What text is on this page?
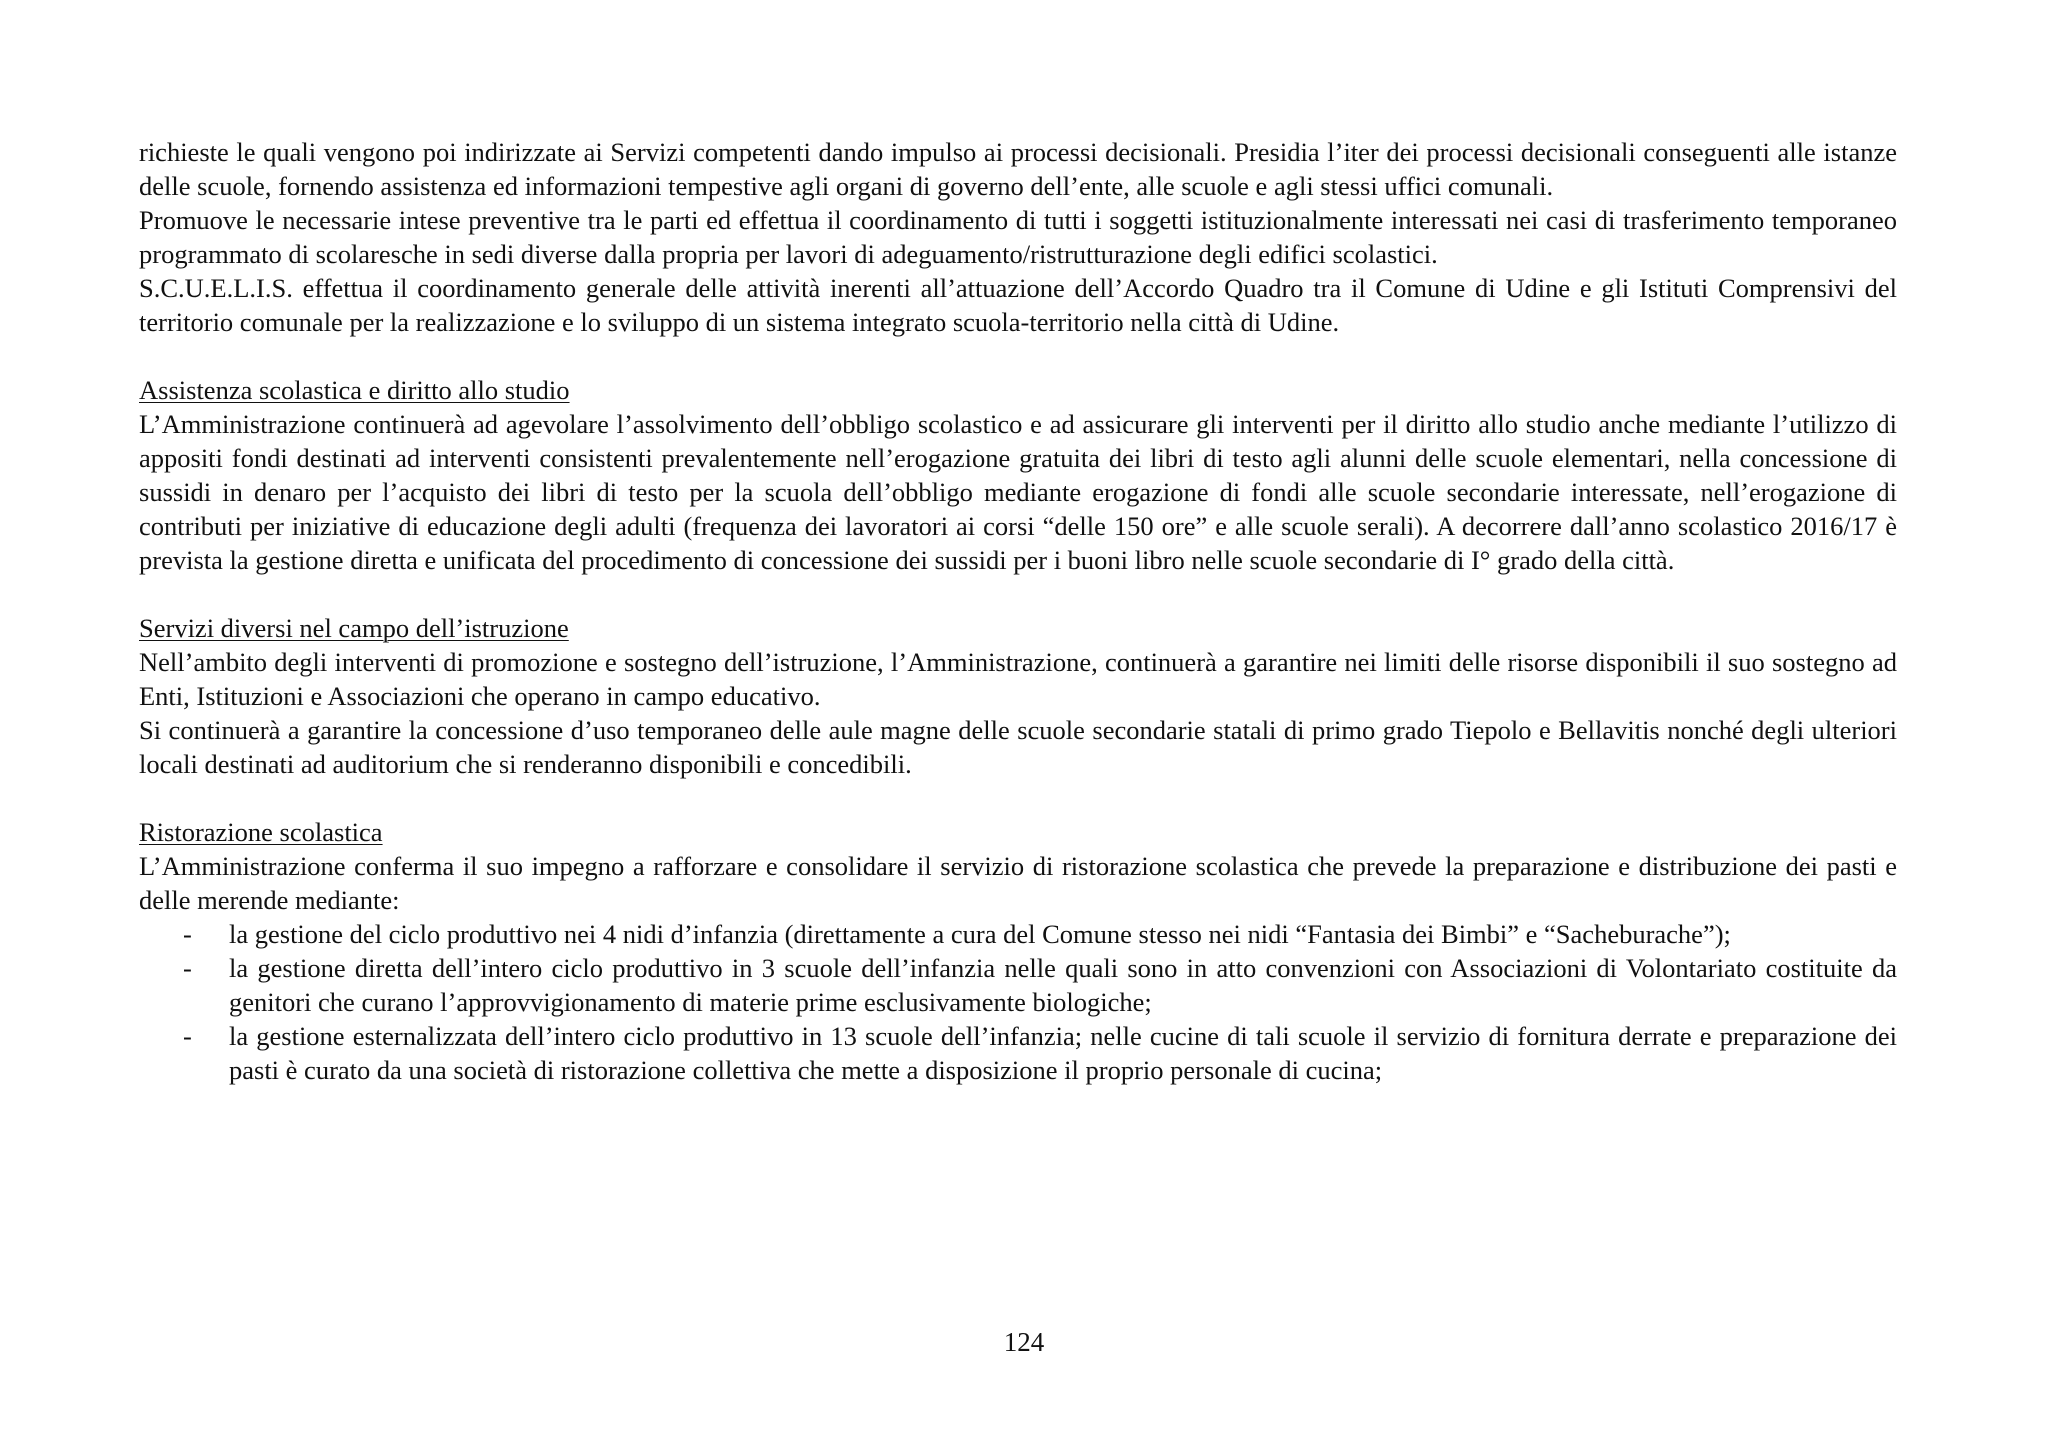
richieste le quali vengono poi indirizzate ai Servizi competenti dando impulso ai processi decisionali. Presidia l’iter dei processi decisionali conseguenti alle istanze delle scuole, fornendo assistenza ed informazioni tempestive agli organi di governo dell’ente, alle scuole e agli stessi uffici comunali.

Promuove le necessarie intese preventive tra le parti ed effettua il coordinamento di tutti i soggetti istituzionalmente interessati nei casi di trasferimento temporaneo programmato di scolaresche in sedi diverse dalla propria per lavori di adeguamento/ristrutturazione degli edifici scolastici.

S.C.U.E.L.I.S. effettua il coordinamento generale delle attività inerenti all’attuazione dell’Accordo Quadro tra il Comune di Udine e gli Istituti Comprensivi del territorio comunale per la realizzazione e lo sviluppo di un sistema integrato scuola-territorio nella città di Udine.

Assistenza scolastica e diritto allo studio

L’Amministrazione continuerà ad agevolare l’assolvimento dell’obbligo scolastico e ad assicurare gli interventi per il diritto allo studio anche mediante l’utilizzo di appositi fondi destinati ad interventi consistenti prevalentemente nell’erogazione gratuita dei libri di testo agli alunni delle scuole elementari, nella concessione di sussidi in denaro per l’acquisto dei libri di testo per la scuola dell’obbligo mediante erogazione di fondi alle scuole secondarie interessate, nell’erogazione di contributi per iniziative di educazione degli adulti (frequenza dei lavoratori ai corsi “delle 150 ore” e alle scuole serali). A decorrere dall’anno scolastico 2016/17 è prevista la gestione diretta e unificata del procedimento di concessione dei sussidi per i buoni libro nelle scuole secondarie di I° grado della città.

Servizi diversi nel campo dell’istruzione

Nell’ambito degli interventi di promozione e sostegno dell’istruzione, l’Amministrazione, continuerà a garantire nei limiti delle risorse disponibili il suo sostegno ad Enti, Istituzioni e Associazioni che operano in campo educativo.

Si continuerà a garantire la concessione d’uso temporaneo delle aule magne delle scuole secondarie statali di primo grado Tiepolo e Bellavitis nonché degli ulteriori locali destinati ad auditorium che si renderanno disponibili e concedibili.

Ristorazione scolastica

L’Amministrazione conferma il suo impegno a rafforzare e consolidare il servizio di ristorazione scolastica che prevede la preparazione e distribuzione dei pasti e delle merende mediante:

- la gestione del ciclo produttivo nei 4 nidi d’infanzia (direttamente a cura del Comune stesso nei nidi “Fantasia dei Bimbi” e “Sacheburache”);
- la gestione diretta dell’intero ciclo produttivo in 3 scuole dell’infanzia nelle quali sono in atto convenzioni con Associazioni di Volontariato costituite da genitori che curano l’approvvigionamento di materie prime esclusivamente biologiche;
- la gestione esternalizzata dell’intero ciclo produttivo in 13 scuole dell’infanzia; nelle cucine di tali scuole il servizio di fornitura derrate e preparazione dei pasti è curato da una società di ristorazione collettiva che mette a disposizione il proprio personale di cucina;
124
